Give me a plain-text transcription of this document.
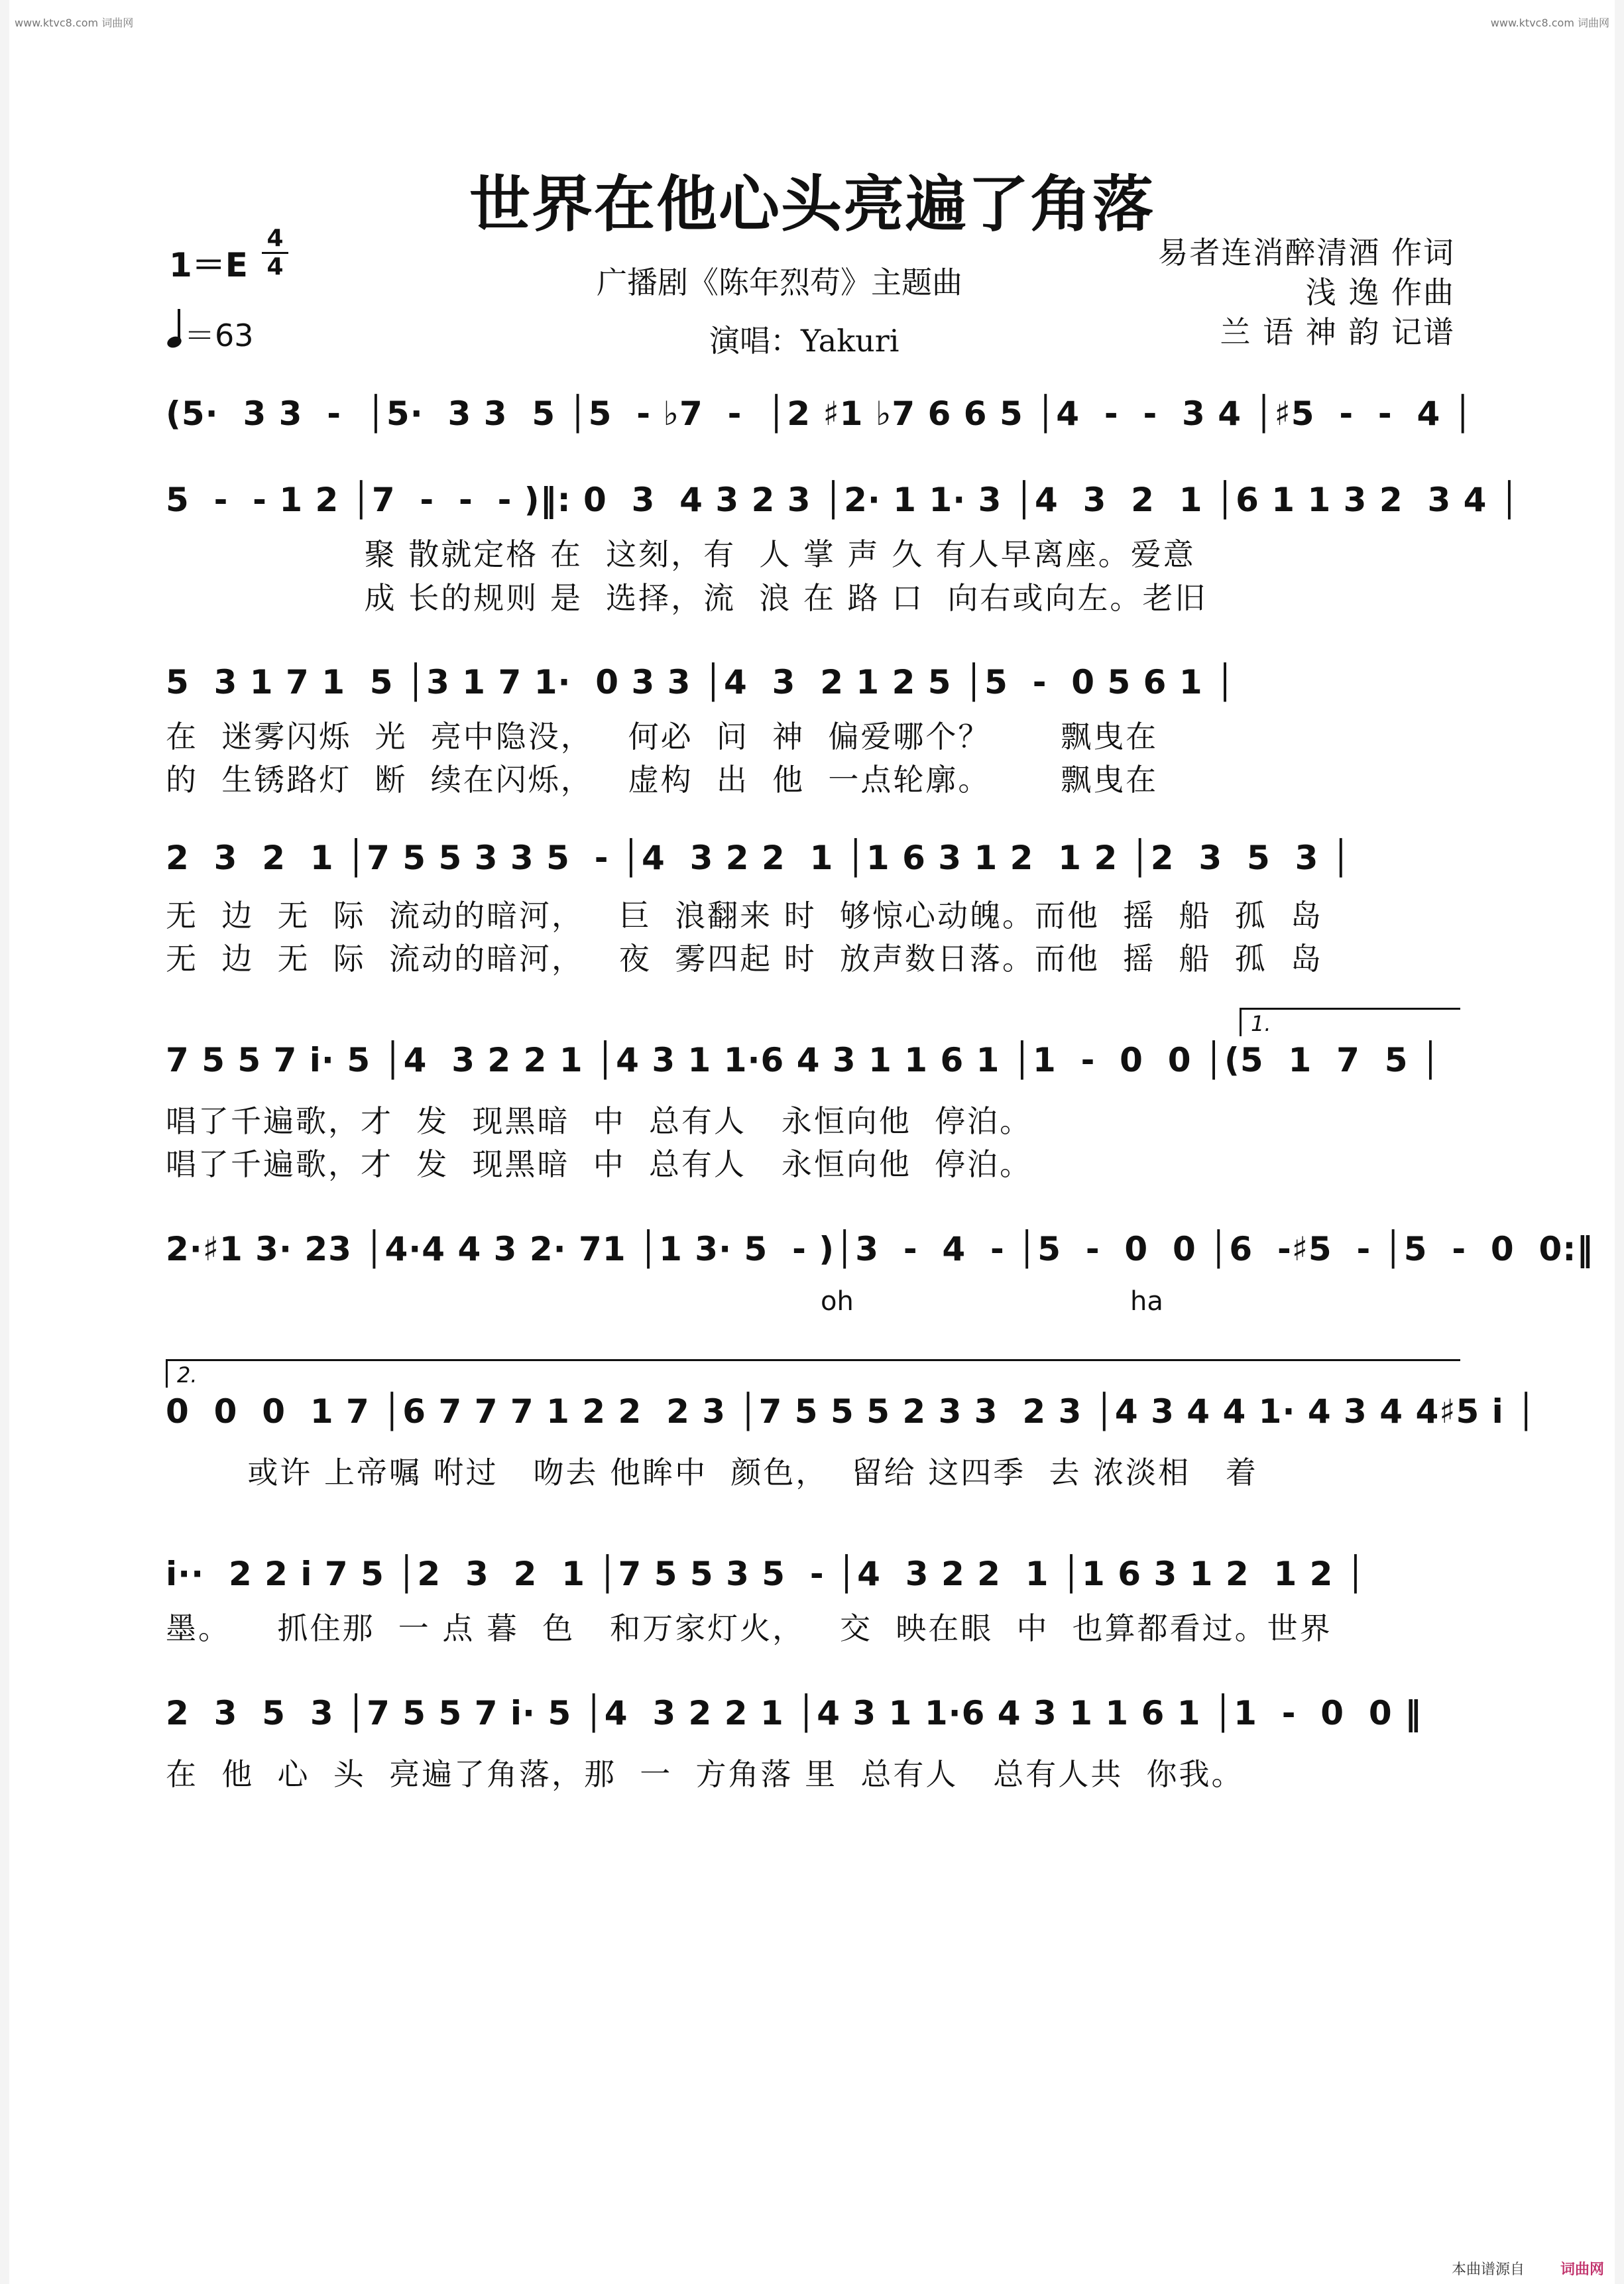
www.ktvc8.com 词曲网	www.ktvc8.com 词曲网
世界在他心头亮遍了角落
广播剧《陈年烈苟》主题曲
演唱：Yakuri
$1=E \frac{4}{4}$
＝63
易者连消醉清酒 作词
浅 逸 作曲
兰 语 神 韵 记谱
(5·  3 3  -  │5·  3 3  5 │5  - ♭7  -  │2 ♯1 ♭7 6 6 5 │4  -  -  3 4 │♯5  -  -  4 │
5  -  - 1 2 │7  -  -  - )‖: 0  3  4 3 2 3 │2· 1 1· 3 │4  3  2  1 │6 1 1 3 2  3 4 │
聚 散就定格 在  这刻，有  人 掌 声 久 有人早离座。爱意
成 长的规则 是  选择，流  浪 在 路 口  向右或向左。老旧
5  3 1 7 1  5 │3 1 7 1·  0 3 3 │4  3  2 1 2 5 │5  -  0 5 6 1 │
在  迷雾闪烁  光  亮中隐没，   何必  问  神  偏爱哪个？      飘曳在
的  生锈路灯  断  续在闪烁，   虚构  出  他  一点轮廓。      飘曳在
2  3  2  1 │7 5 5 3 3 5  - │4  3 2 2  1 │1 6 3 1 2  1 2 │2  3  5  3 │
无  边  无  际  流动的暗河，   巨  浪翻来 时  够惊心动魄。而他  摇  船  孤  岛
无  边  无  际  流动的暗河，   夜  雾四起 时  放声数日落。而他  摇  船  孤  岛
1.
7 5 5 7 i· 5 │4  3 2 2 1 │4 3 1 1·6 4 3 1 1 6 1 │1  -  0  0 │(5  1  7  5 │
唱了千遍歌，才  发  现黑暗  中  总有人   永恒向他  停泊。
唱了千遍歌，才  发  现黑暗  中  总有人   永恒向他  停泊。
2·♯1 3· 23 │4·4 4 3 2· 71 │1 3· 5  - )│3  -  4  - │5  -  0  0 │6  -♯5  - │5  -  0  0:‖
oh	ha
2.
0  0  0  1 7 │6 7 7 7 1 2 2  2 3 │7 5 5 5 2 3 3  2 3 │4 3 4 4 1· 4 3 4 4♯5 i │
或许 上帝嘱 咐过   吻去 他眸中  颜色，  留给 这四季  去 浓淡相   着
i··  2 2 i 7 5 │2  3  2  1 │7 5 5 3 5  - │4  3 2 2  1 │1 6 3 1 2  1 2 │
墨。    抓住那  一 点 暮  色   和万家灯火，   交  映在眼  中  也算都看过。世界
2  3  5  3 │7 5 5 7 i· 5 │4  3 2 2 1 │4 3 1 1·6 4 3 1 1 6 1 │1  -  0  0 ‖
在  他  心  头  亮遍了角落，那  一  方角落 里  总有人   总有人共  你我。
本曲谱源自 词曲网
